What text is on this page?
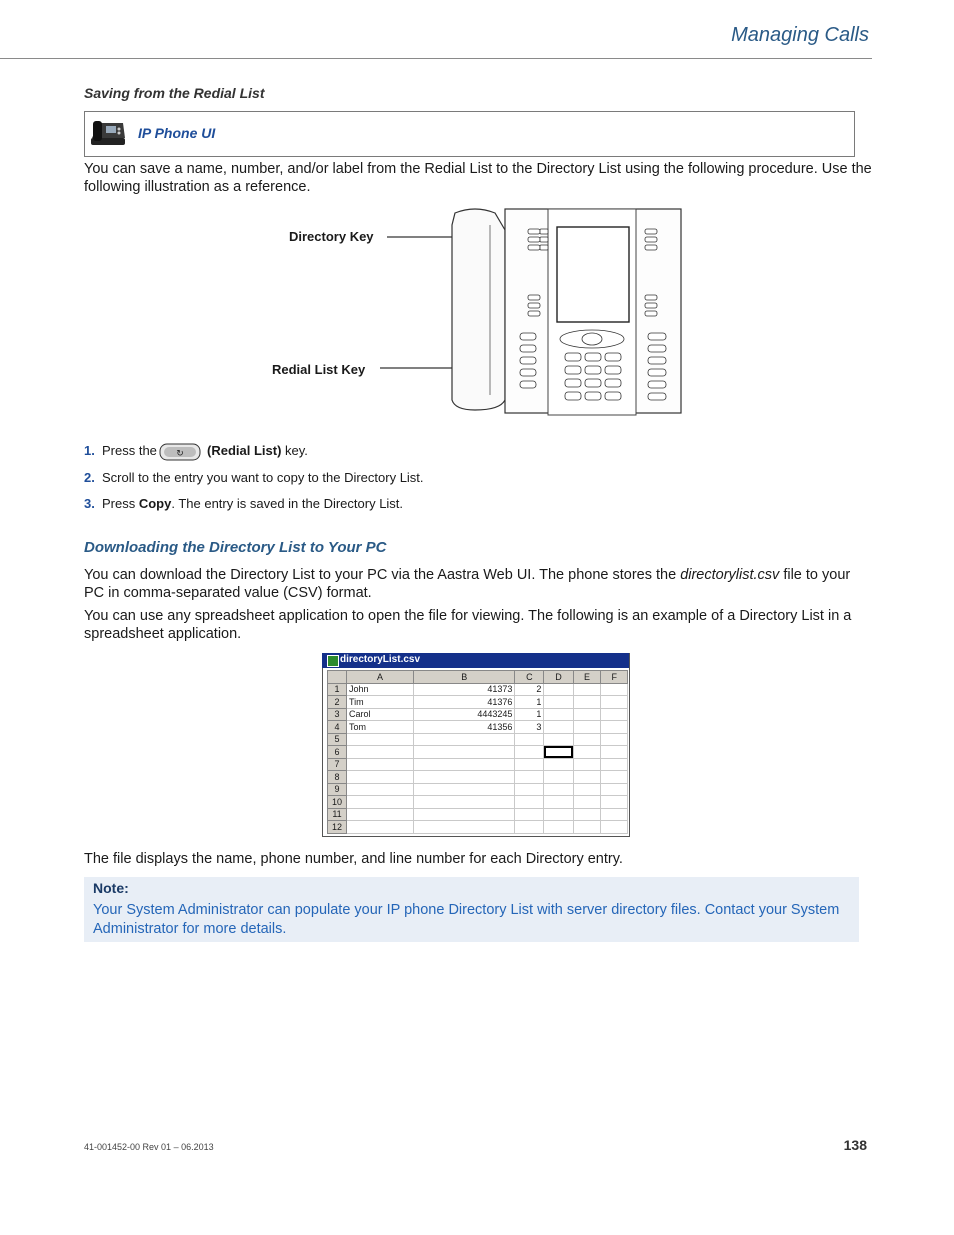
Managing Calls
Saving from the Redial List
IP Phone UI
You can save a name, number, and/or label from the Redial List to the Directory List using the following procedure. Use the following illustration as a reference.
Directory Key
Redial List Key
1. Press the ↻ (Redial List) key.
2. Scroll to the entry you want to copy to the Directory List.
3. Press Copy. The entry is saved in the Directory List.
Downloading the Directory List to Your PC
You can download the Directory List to your PC via the Aastra Web UI. The phone stores the directorylist.csv file to your PC in comma-separated value (CSV) format.
You can use any spreadsheet application to open the file for viewing. The following is an example of a Directory List in a spreadsheet application.
	A	B	C	D	E	F
1	John	41373	2			
2	Tim	41376	1			
3	Carol	4443245	1			
4	Tom	41356	3			
5						
6						
7						
8						
9						
10						
11						
12						
directoryList.csv
The file displays the name, phone number, and line number for each Directory entry.
Note:
Your System Administrator can populate your IP phone Directory List with server directory files. Contact your System Administrator for more details.
41-001452-00 Rev 01 – 06.2013	138
